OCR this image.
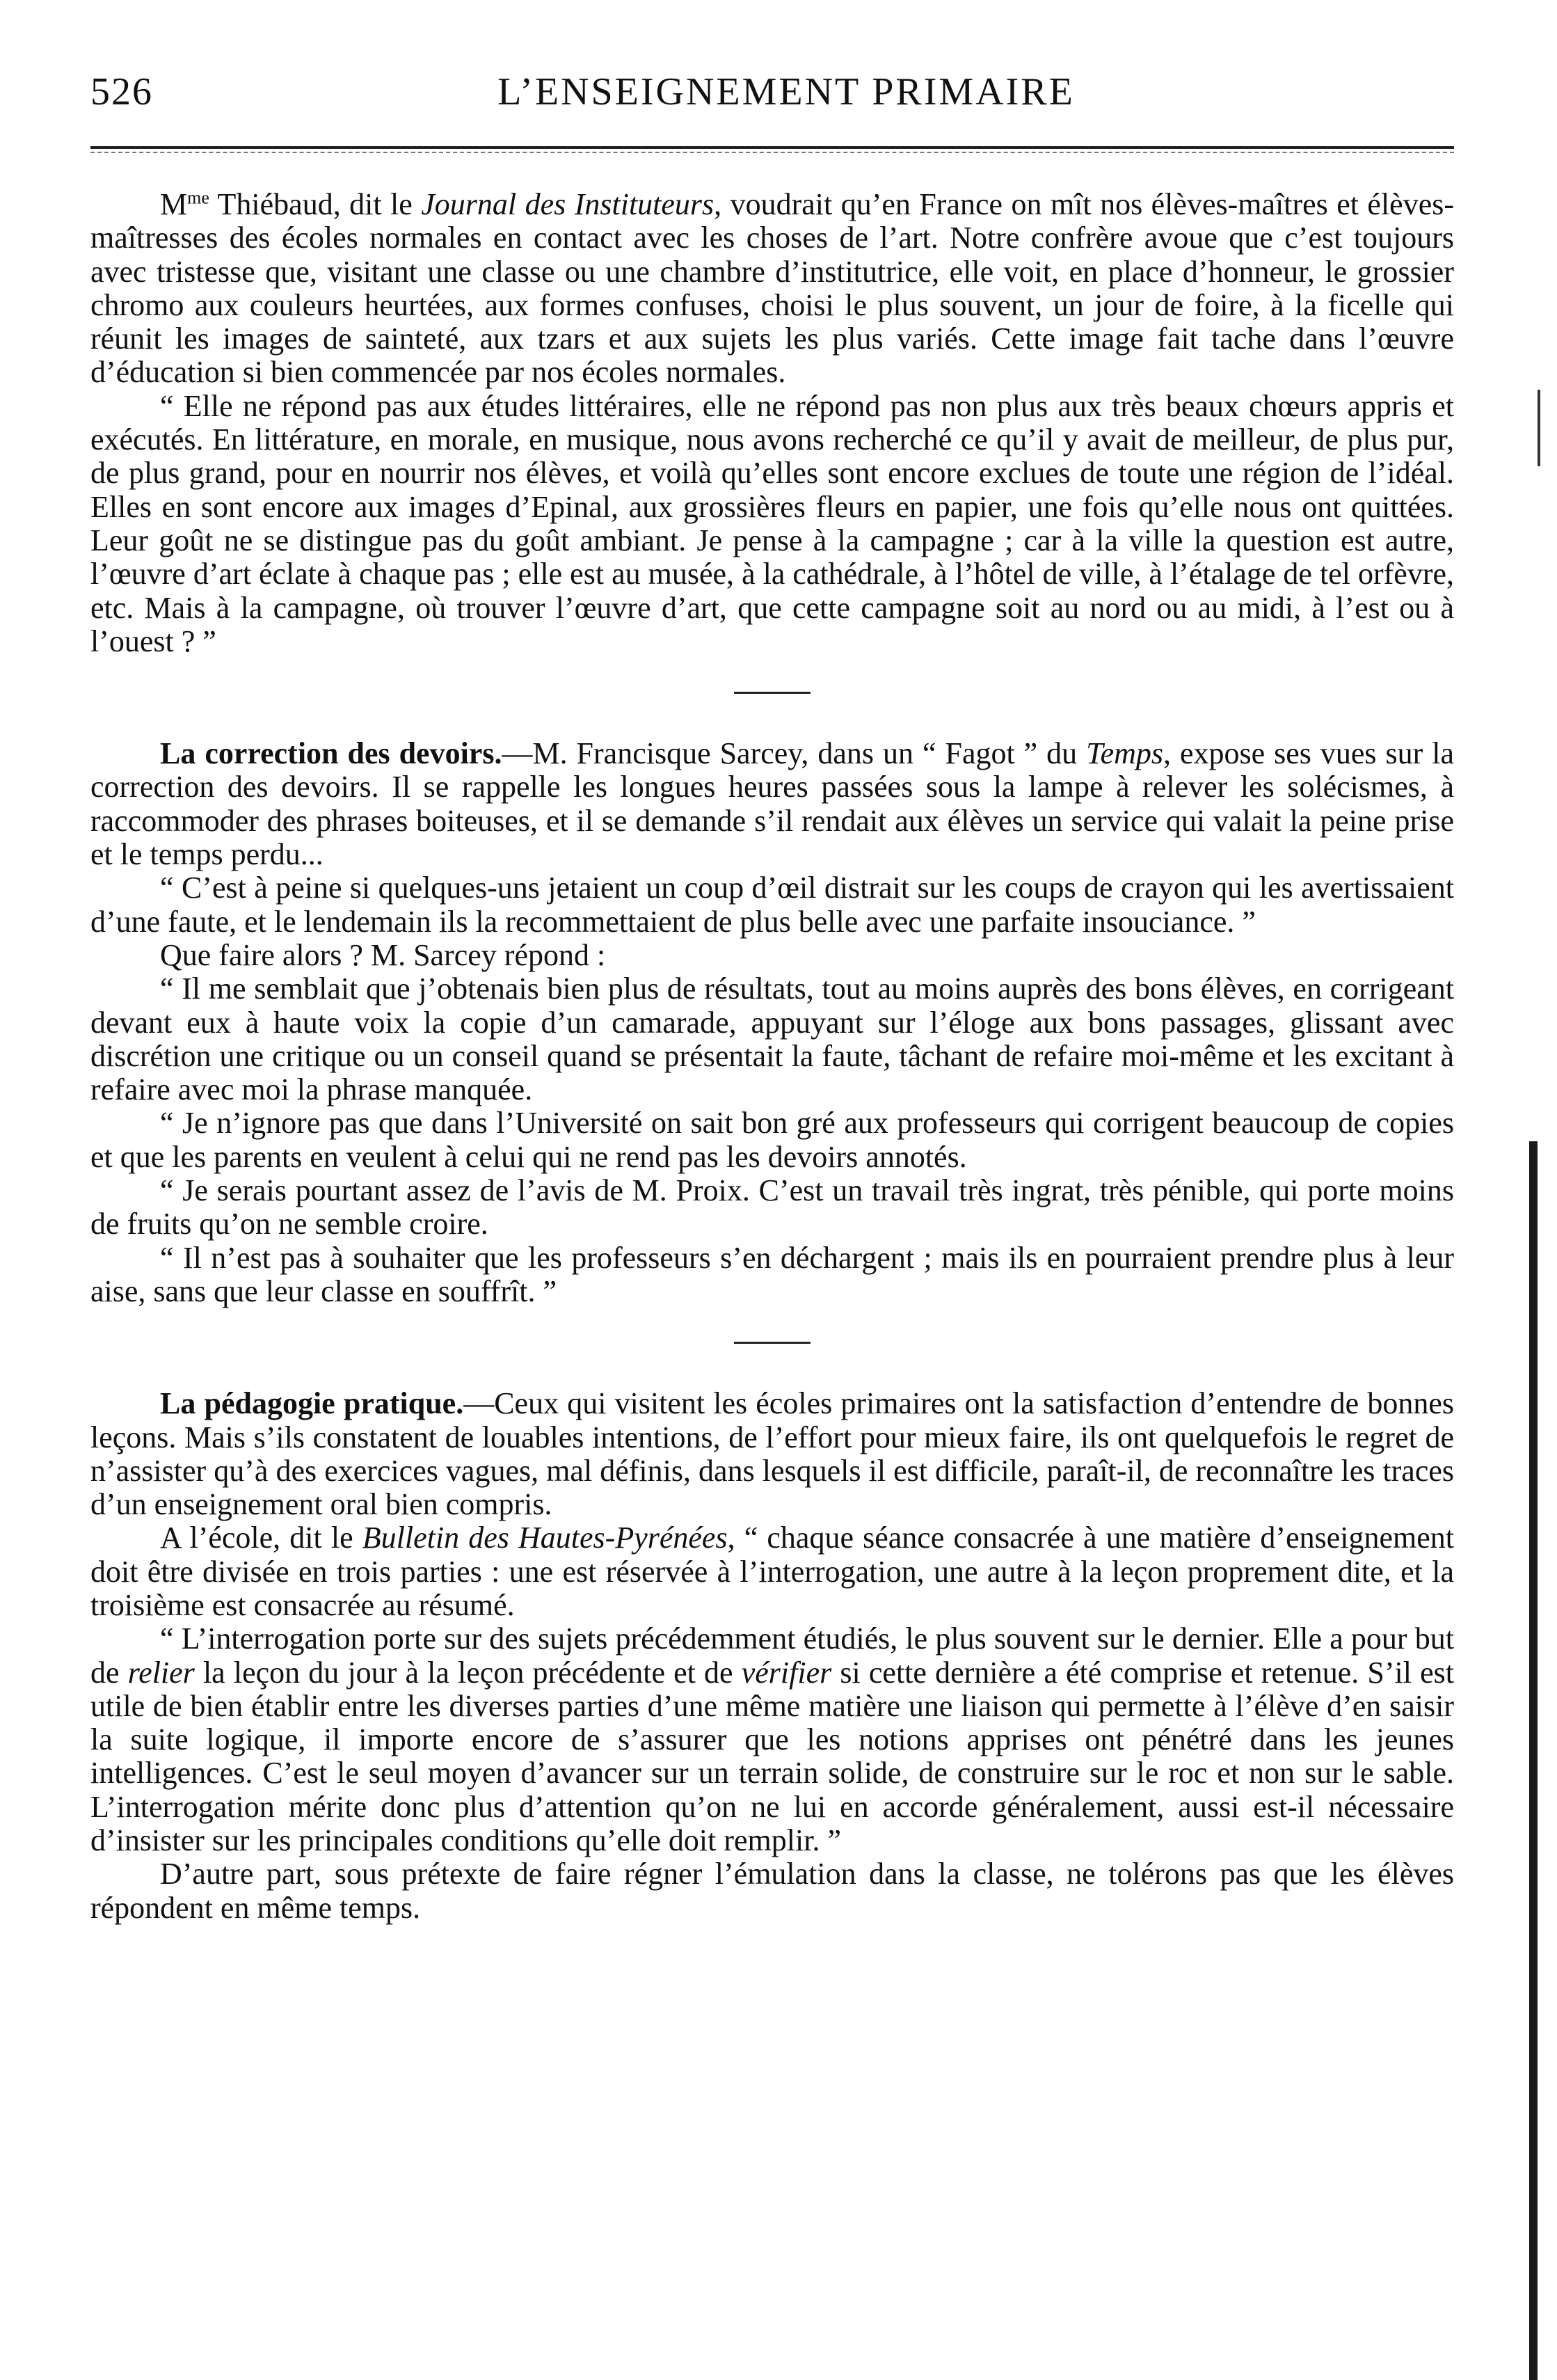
L’ENSEIGNEMENT PRIMAIRE
526

$M^{me}$ Thiébaud, dit le Journal des Instituteurs, voudrait qu’en France on mît nos élèves-maîtres et élèves-maîtresses des écoles normales en contact avec les choses de l’art. Notre confrère avoue que c’est toujours avec tristesse que, visitant une classe ou une chambre d’institutrice, elle voit, en place d’honneur, le grossier chromo aux couleurs heurtées, aux formes confuses, choisi le plus souvent, un jour de foire, à la ficelle qui réunit les images de sainteté, aux tzars et aux sujets les plus variés. Cette image fait tache dans l’œuvre d’éducation si bien commencée par nos écoles normales.

“ Elle ne répond pas aux études littéraires, elle ne répond pas non plus aux très beaux chœurs appris et exécutés. En littérature, en morale, en musique, nous avons recherché ce qu’il y avait de meilleur, de plus pur, de plus grand, pour en nourrir nos élèves, et voilà qu’elles sont encore exclues de toute une région de l’idéal. Elles en sont encore aux images d’Epinal, aux grossières fleurs en papier, une fois qu’elle nous ont quittées. Leur goût ne se distingue pas du goût ambiant. Je pense à la campagne ; car à la ville la question est autre, l’œuvre d’art éclate à chaque pas ; elle est au musée, à la cathédrale, à l’hôtel de ville, à l’étalage de tel orfèvre, etc. Mais à la campagne, où trouver l’œuvre d’art, que cette campagne soit au nord ou au midi, à l’est ou à l’ouest ? ”

La correction des devoirs.—M. Francisque Sarcey, dans un “ Fagot ” du Temps, expose ses vues sur la correction des devoirs. Il se rappelle les longues heures passées sous la lampe à relever les solécismes, à raccommoder des phrases boiteuses, et il se demande s’il rendait aux élèves un service qui valait la peine prise et le temps perdu...

“ C’est à peine si quelques-uns jetaient un coup d’œil distrait sur les coups de crayon qui les avertissaient d’une faute, et le lendemain ils la recommettaient de plus belle avec une parfaite insouciance. ”

Que faire alors ? M. Sarcey répond :

“ Il me semblait que j’obtenais bien plus de résultats, tout au moins auprès des bons élèves, en corrigeant devant eux à haute voix la copie d’un camarade, appuyant sur l’éloge aux bons passages, glissant avec discrétion une critique ou un conseil quand se présentait la faute, tâchant de refaire moi-même et les excitant à refaire avec moi la phrase manquée.

“ Je n’ignore pas que dans l’Université on sait bon gré aux professeurs qui corrigent beaucoup de copies et que les parents en veulent à celui qui ne rend pas les devoirs annotés.

“ Je serais pourtant assez de l’avis de M. Proix. C’est un travail très ingrat, très pénible, qui porte moins de fruits qu’on ne semble croire.

“ Il n’est pas à souhaiter que les professeurs s’en déchargent ; mais ils en pourraient prendre plus à leur aise, sans que leur classe en souffrît. ”

La pédagogie pratique.—Ceux qui visitent les écoles primaires ont la satisfaction d’entendre de bonnes leçons. Mais s’ils constatent de louables intentions, de l’effort pour mieux faire, ils ont quelquefois le regret de n’assister qu’à des exercices vagues, mal définis, dans lesquels il est difficile, paraît-il, de reconnaître les traces d’un enseignement oral bien compris.

A l’école, dit le Bulletin des Hautes-Pyrénées, “ chaque séance consacrée à une matière d’enseignement doit être divisée en trois parties : une est réservée à l’interrogation, une autre à la leçon proprement dite, et la troisième est consacrée au résumé.

“ L’interrogation porte sur des sujets précédemment étudiés, le plus souvent sur le dernier. Elle a pour but de relier la leçon du jour à la leçon précédente et de vérifier si cette dernière a été comprise et retenue. S’il est utile de bien établir entre les diverses parties d’une même matière une liaison qui permette à l’élève d’en saisir la suite logique, il importe encore de s’assurer que les notions apprises ont pénétré dans les jeunes intelligences. C’est le seul moyen d’avancer sur un terrain solide, de construire sur le roc et non sur le sable. L’interrogation mérite donc plus d’attention qu’on ne lui en accorde généralement, aussi est-il nécessaire d’insister sur les principales conditions qu’elle doit remplir. ”

D’autre part, sous prétexte de faire régner l’émulation dans la classe, ne tolérons pas que les élèves répondent en même temps.
